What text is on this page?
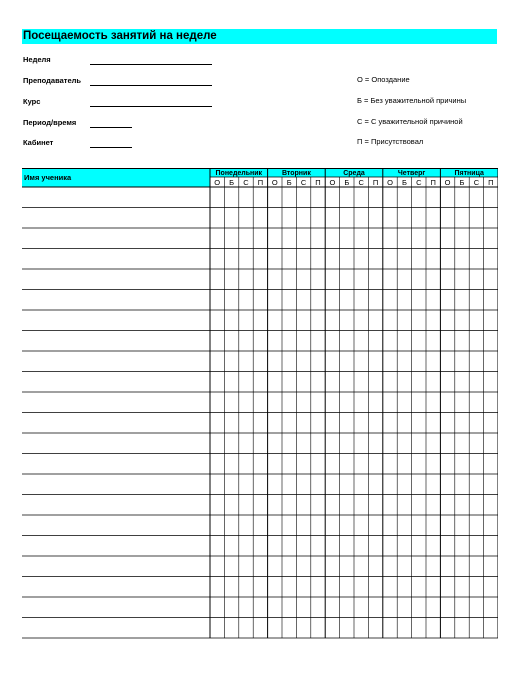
Посещаемость занятий на неделе
Неделя
Преподаватель
Курс
Период/время
Кабинет
О = Опоздание
Б = Без уважительной причины
С = С уважительной причиной
П = Присутствовал
Имя ученика	Понедельник
О Б С П
Вторник
О Б С П
Среда
О Б С П
Четверг
О Б С П
Пятница
О Б С П
